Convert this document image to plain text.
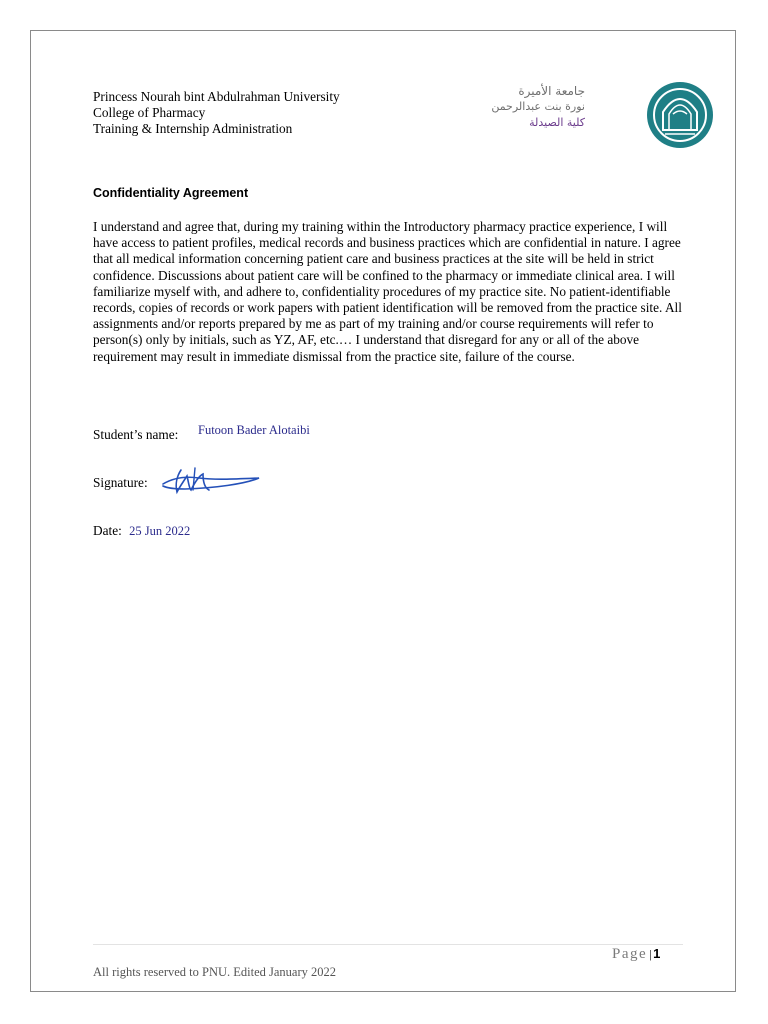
Princess Nourah bint Abdulrahman University
College of Pharmacy
Training & Internship Administration
جامعة الأميرة
نورة بنت عبدالرحمن
كلية الصيدلة
Confidentiality Agreement

I understand and agree that, during my training within the Introductory pharmacy practice experience, I will have access to patient profiles, medical records and business practices which are confidential in nature. I agree that all medical information concerning patient care and business practices at the site will be held in strict confidence. Discussions about patient care will be confined to the pharmacy or immediate clinical area. I will familiarize myself with, and adhere to, confidentiality procedures of my practice site. No patient-identifiable records, copies of records or work papers with patient identification will be removed from the practice site. All assignments and/or reports prepared by me as part of my training and/or course requirements will refer to person(s) only by initials, such as YZ, AF, etc.… I understand that disregard for any or all of the above requirement may result in immediate dismissal from the practice site, failure of the course.

Student’s name: Futoon Bader Alotaibi
Signature:
Date: 25 Jun 2022
Page |1
All rights reserved to PNU. Edited January 2022
